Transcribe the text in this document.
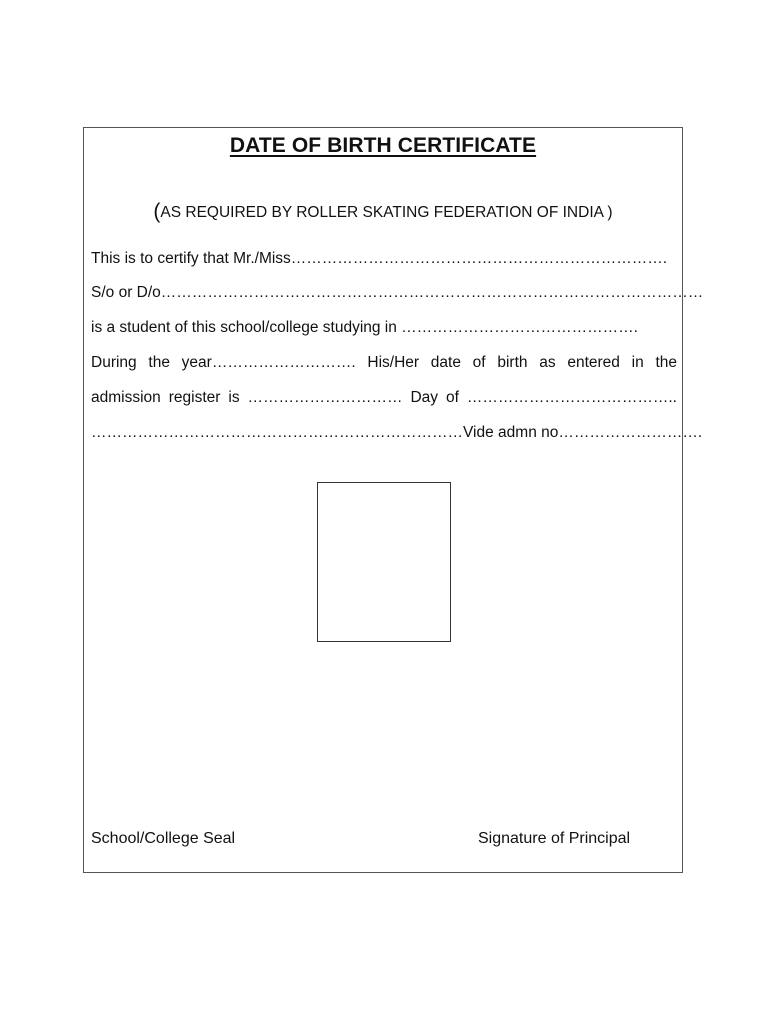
DATE OF BIRTH CERTIFICATE
(AS REQUIRED BY ROLLER SKATING FEDERATION OF INDIA )
This is to certify that Mr./Miss……………………………………………………………….
S/o or D/o……………………………………………………………………………………………
is a student of this school/college studying in ……………………………………….
During the year………………………. His/Her date of birth as entered in the
admission register is ………………………… Day of …………………………………..
………………………………………………………………Vide admn no……………………….
School/College Seal	Signature of Principal
